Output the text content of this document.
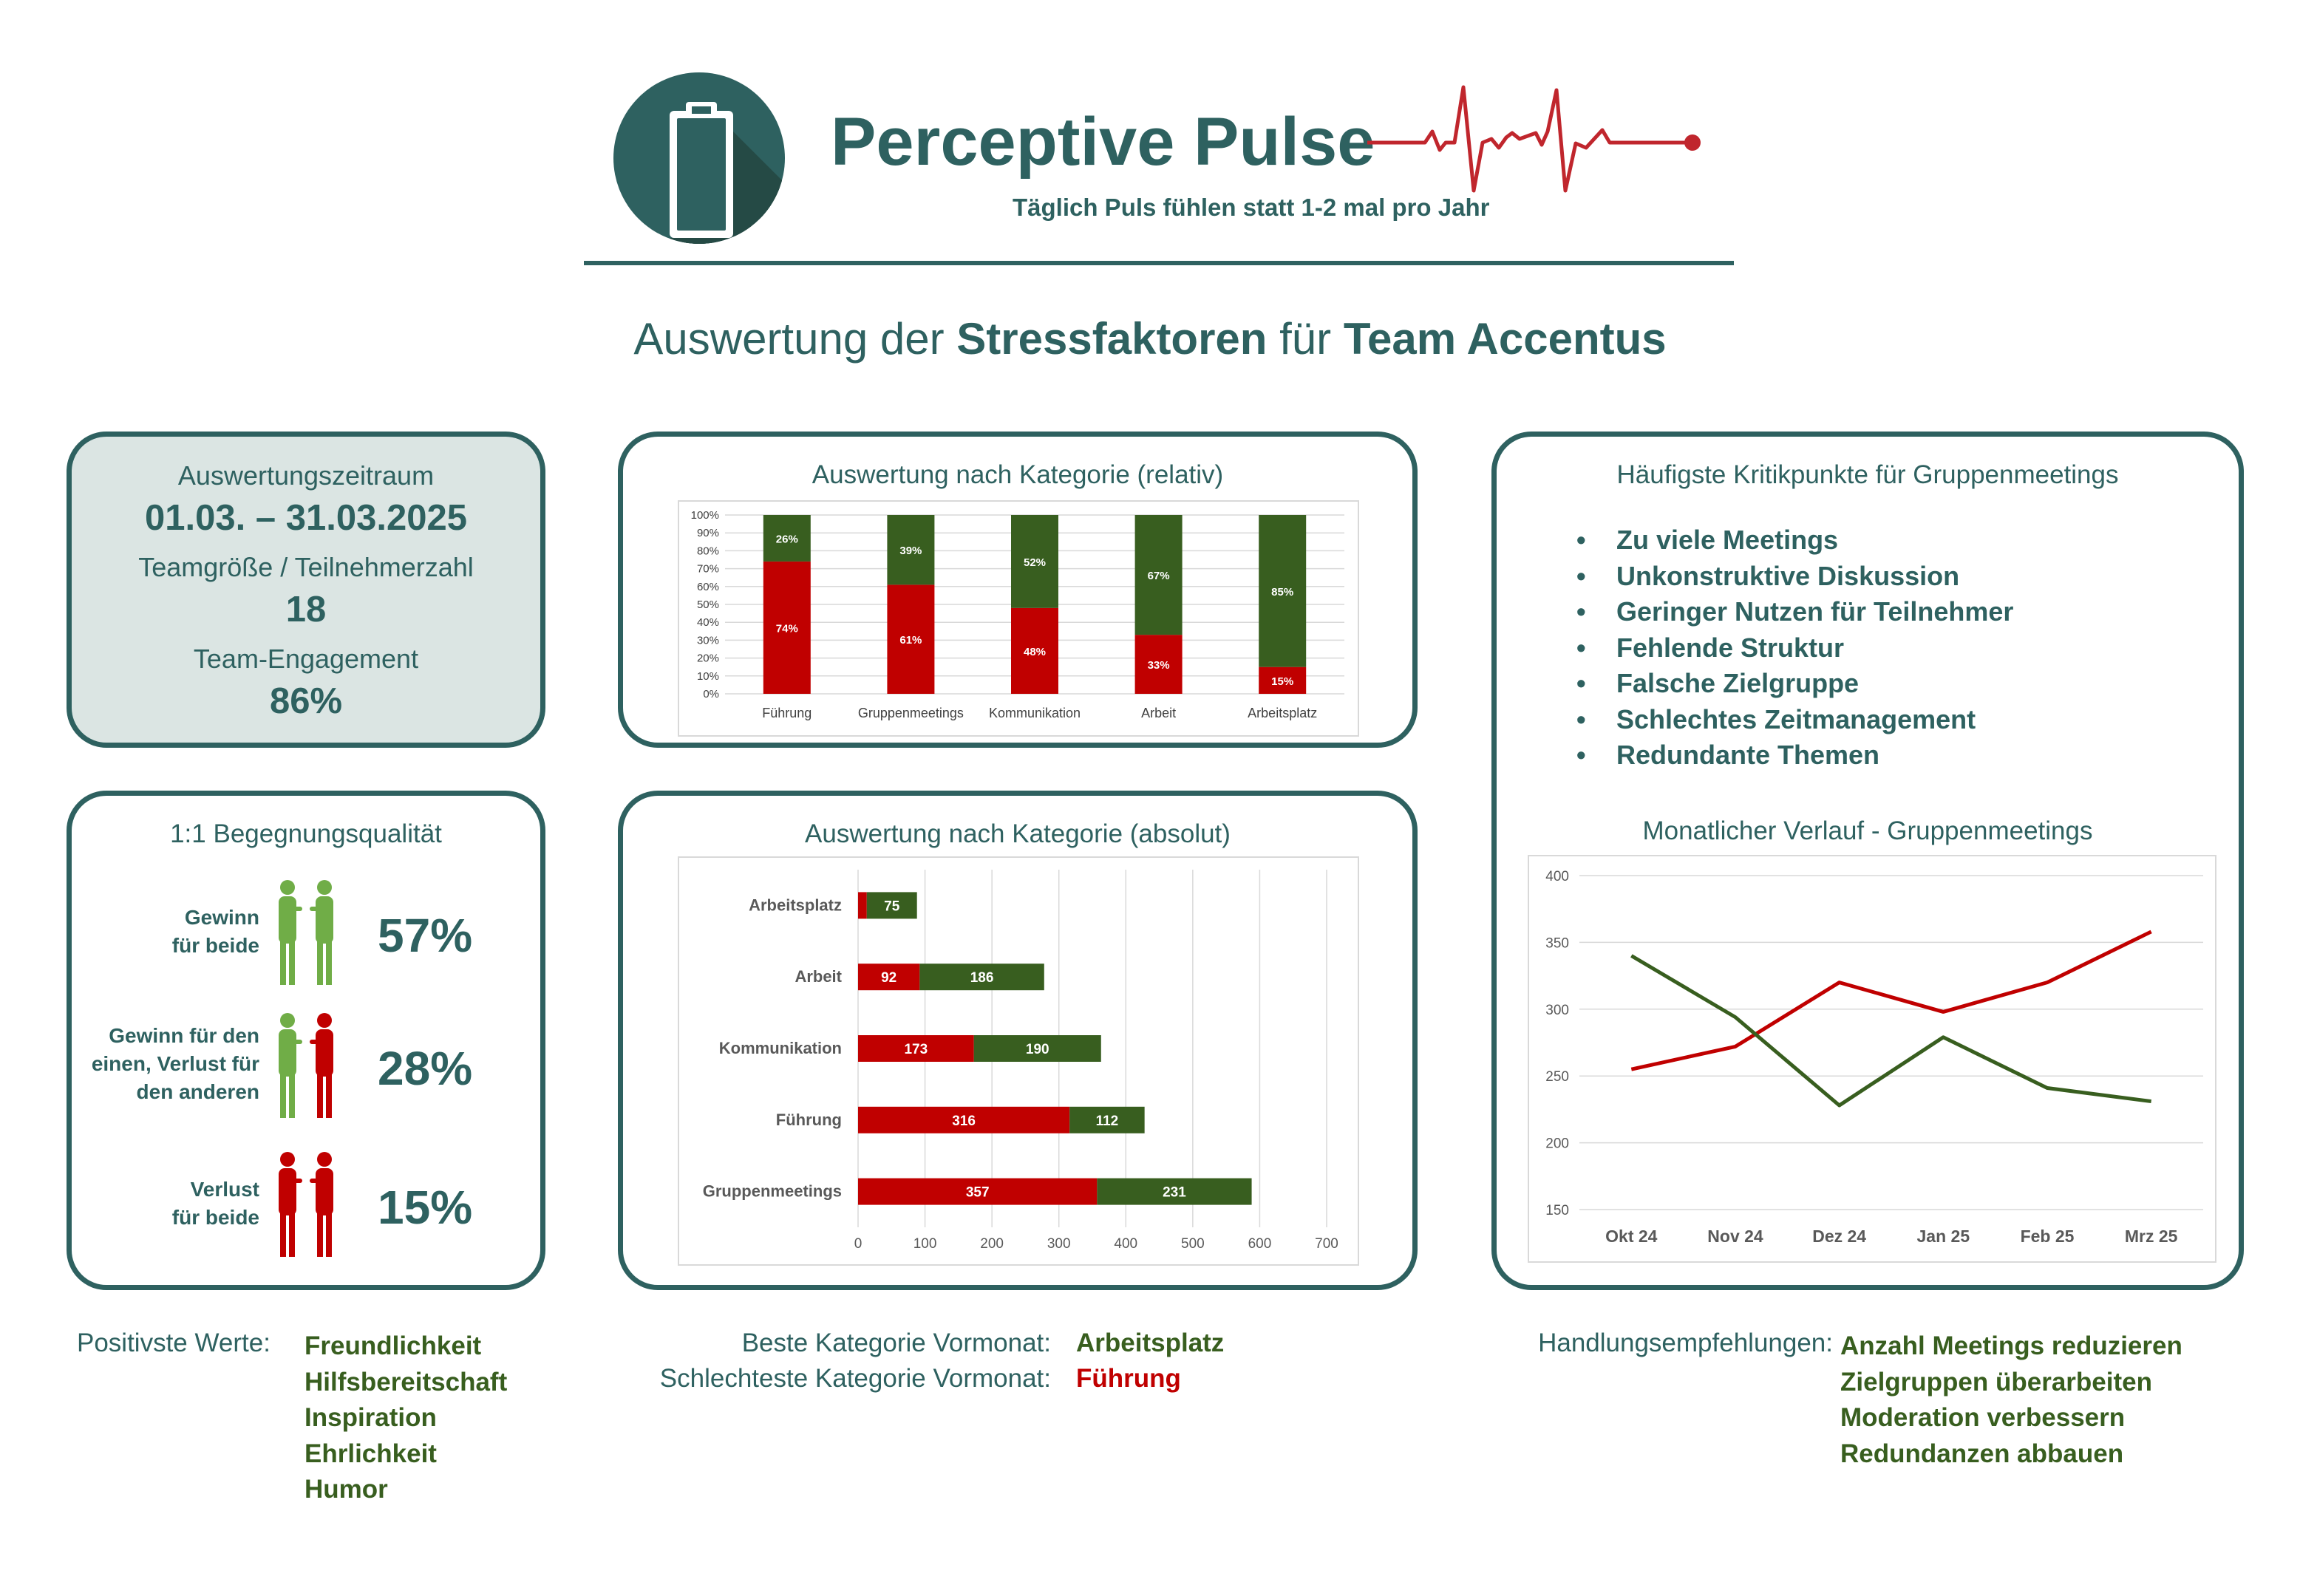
Perceptive Pulse
Täglich Puls fühlen statt 1-2 mal pro Jahr
Auswertung der Stressfaktoren für Team Accentus
Auswertungszeitraum
01.03. – 31.03.2025
Teamgröße / Teilnehmerzahl
18
Team-Engagement
86%
1:1 Begegnungsqualität
Gewinn
für beide	57%
Gewinn für den
einen, Verlust für
den anderen	28%
Verlust
für beide	15%
Auswertung nach Kategorie (relativ)
0%
10%
20%
30%
40%
50%
60%
70%
80%
90%
100%
74%
26%
Führung
61%
39%
Gruppenmeetings
48%
52%
Kommunikation
33%
67%
Arbeit
15%
85%
Arbeitsplatz
Auswertung nach Kategorie (absolut)
0	100	200	300	400	500	600	700
75
Arbeitsplatz
92	186
Arbeit
173	190
Kommunikation
316	112
Führung
357	231
Gruppenmeetings
Häufigste Kritikpunkte für Gruppenmeetings
• Zu viele Meetings
• Unkonstruktive Diskussion
• Geringer Nutzen für Teilnehmer
• Fehlende Struktur
• Falsche Zielgruppe
• Schlechtes Zeitmanagement
• Redundante Themen
Monatlicher Verlauf - Gruppenmeetings
150
200
250
300
350
400
Okt 24	Nov 24	Dez 24	Jan 25	Feb 25	Mrz 25
Positivste Werte: Freundlichkeit
Hilfsbereitschaft
Inspiration
Ehrlichkeit
Humor
Beste Kategorie Vormonat: Arbeitsplatz
Schlechteste Kategorie Vormonat: Führung
Handlungsempfehlungen: Anzahl Meetings reduzieren
Zielgruppen überarbeiten
Moderation verbessern
Redundanzen abbauen
